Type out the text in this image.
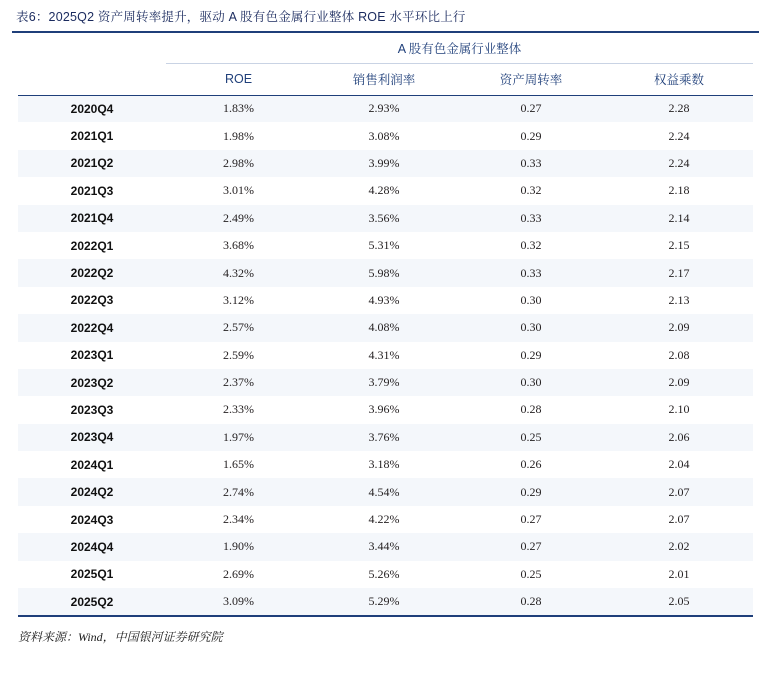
表6：2025Q2 资产周转率提升，驱动 A 股有色金属行业整体 ROE 水平环比上行
	A 股有色金属行业整体			
	ROE	销售利润率	资产周转率	权益乘数
2020Q4	1.83%	2.93%	0.27	2.28
2021Q1	1.98%	3.08%	0.29	2.24
2021Q2	2.98%	3.99%	0.33	2.24
2021Q3	3.01%	4.28%	0.32	2.18
2021Q4	2.49%	3.56%	0.33	2.14
2022Q1	3.68%	5.31%	0.32	2.15
2022Q2	4.32%	5.98%	0.33	2.17
2022Q3	3.12%	4.93%	0.30	2.13
2022Q4	2.57%	4.08%	0.30	2.09
2023Q1	2.59%	4.31%	0.29	2.08
2023Q2	2.37%	3.79%	0.30	2.09
2023Q3	2.33%	3.96%	0.28	2.10
2023Q4	1.97%	3.76%	0.25	2.06
2024Q1	1.65%	3.18%	0.26	2.04
2024Q2	2.74%	4.54%	0.29	2.07
2024Q3	2.34%	4.22%	0.27	2.07
2024Q4	1.90%	3.44%	0.27	2.02
2025Q1	2.69%	5.26%	0.25	2.01
2025Q2	3.09%	5.29%	0.28	2.05
资料来源：Wind，中国银河证券研究院
